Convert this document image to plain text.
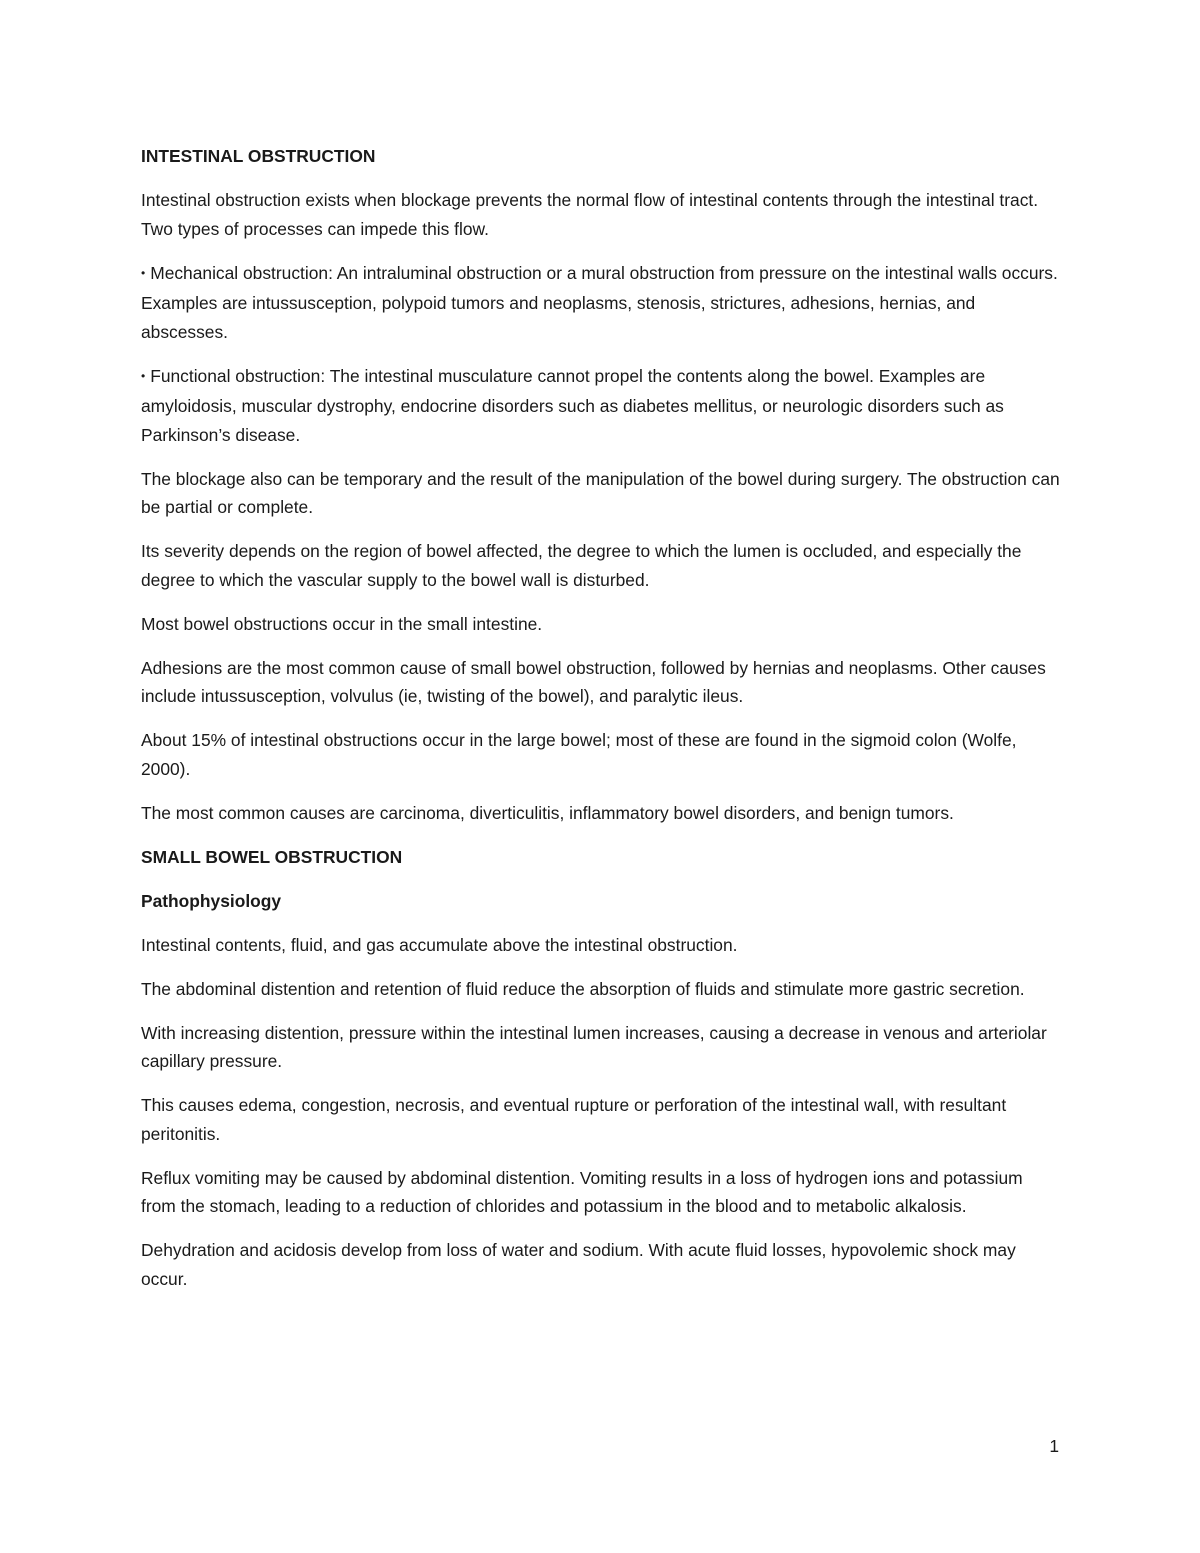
INTESTINAL OBSTRUCTION

Intestinal obstruction exists when blockage prevents the normal flow of intestinal contents through the intestinal tract. Two types of processes can impede this flow.

• Mechanical obstruction: An intraluminal obstruction or a mural obstruction from pressure on the intestinal walls occurs. Examples are intussusception, polypoid tumors and neoplasms, stenosis, strictures, adhesions, hernias, and abscesses.

• Functional obstruction: The intestinal musculature cannot propel the contents along the bowel. Examples are amyloidosis, muscular dystrophy, endocrine disorders such as diabetes mellitus, or neurologic disorders such as Parkinson’s disease.

The blockage also can be temporary and the result of the manipulation of the bowel during surgery. The obstruction can be partial or complete.

Its severity depends on the region of bowel affected, the degree to which the lumen is occluded, and especially the degree to which the vascular supply to the bowel wall is disturbed.

Most bowel obstructions occur in the small intestine.

Adhesions are the most common cause of small bowel obstruction, followed by hernias and neoplasms. Other causes include intussusception, volvulus (ie, twisting of the bowel), and paralytic ileus.

About 15% of intestinal obstructions occur in the large bowel; most of these are found in the sigmoid colon (Wolfe, 2000).

The most common causes are carcinoma, diverticulitis, inflammatory bowel disorders, and benign tumors.

SMALL BOWEL OBSTRUCTION
Pathophysiology

Intestinal contents, fluid, and gas accumulate above the intestinal obstruction.

The abdominal distention and retention of fluid reduce the absorption of fluids and stimulate more gastric secretion.

With increasing distention, pressure within the intestinal lumen increases, causing a decrease in venous and arteriolar capillary pressure.

This causes edema, congestion, necrosis, and eventual rupture or perforation of the intestinal wall, with resultant peritonitis.

Reflux vomiting may be caused by abdominal distention. Vomiting results in a loss of hydrogen ions and potassium from the stomach, leading to a reduction of chlorides and potassium in the blood and to metabolic alkalosis.

Dehydration and acidosis develop from loss of water and sodium. With acute fluid losses, hypovolemic shock may occur.

1
